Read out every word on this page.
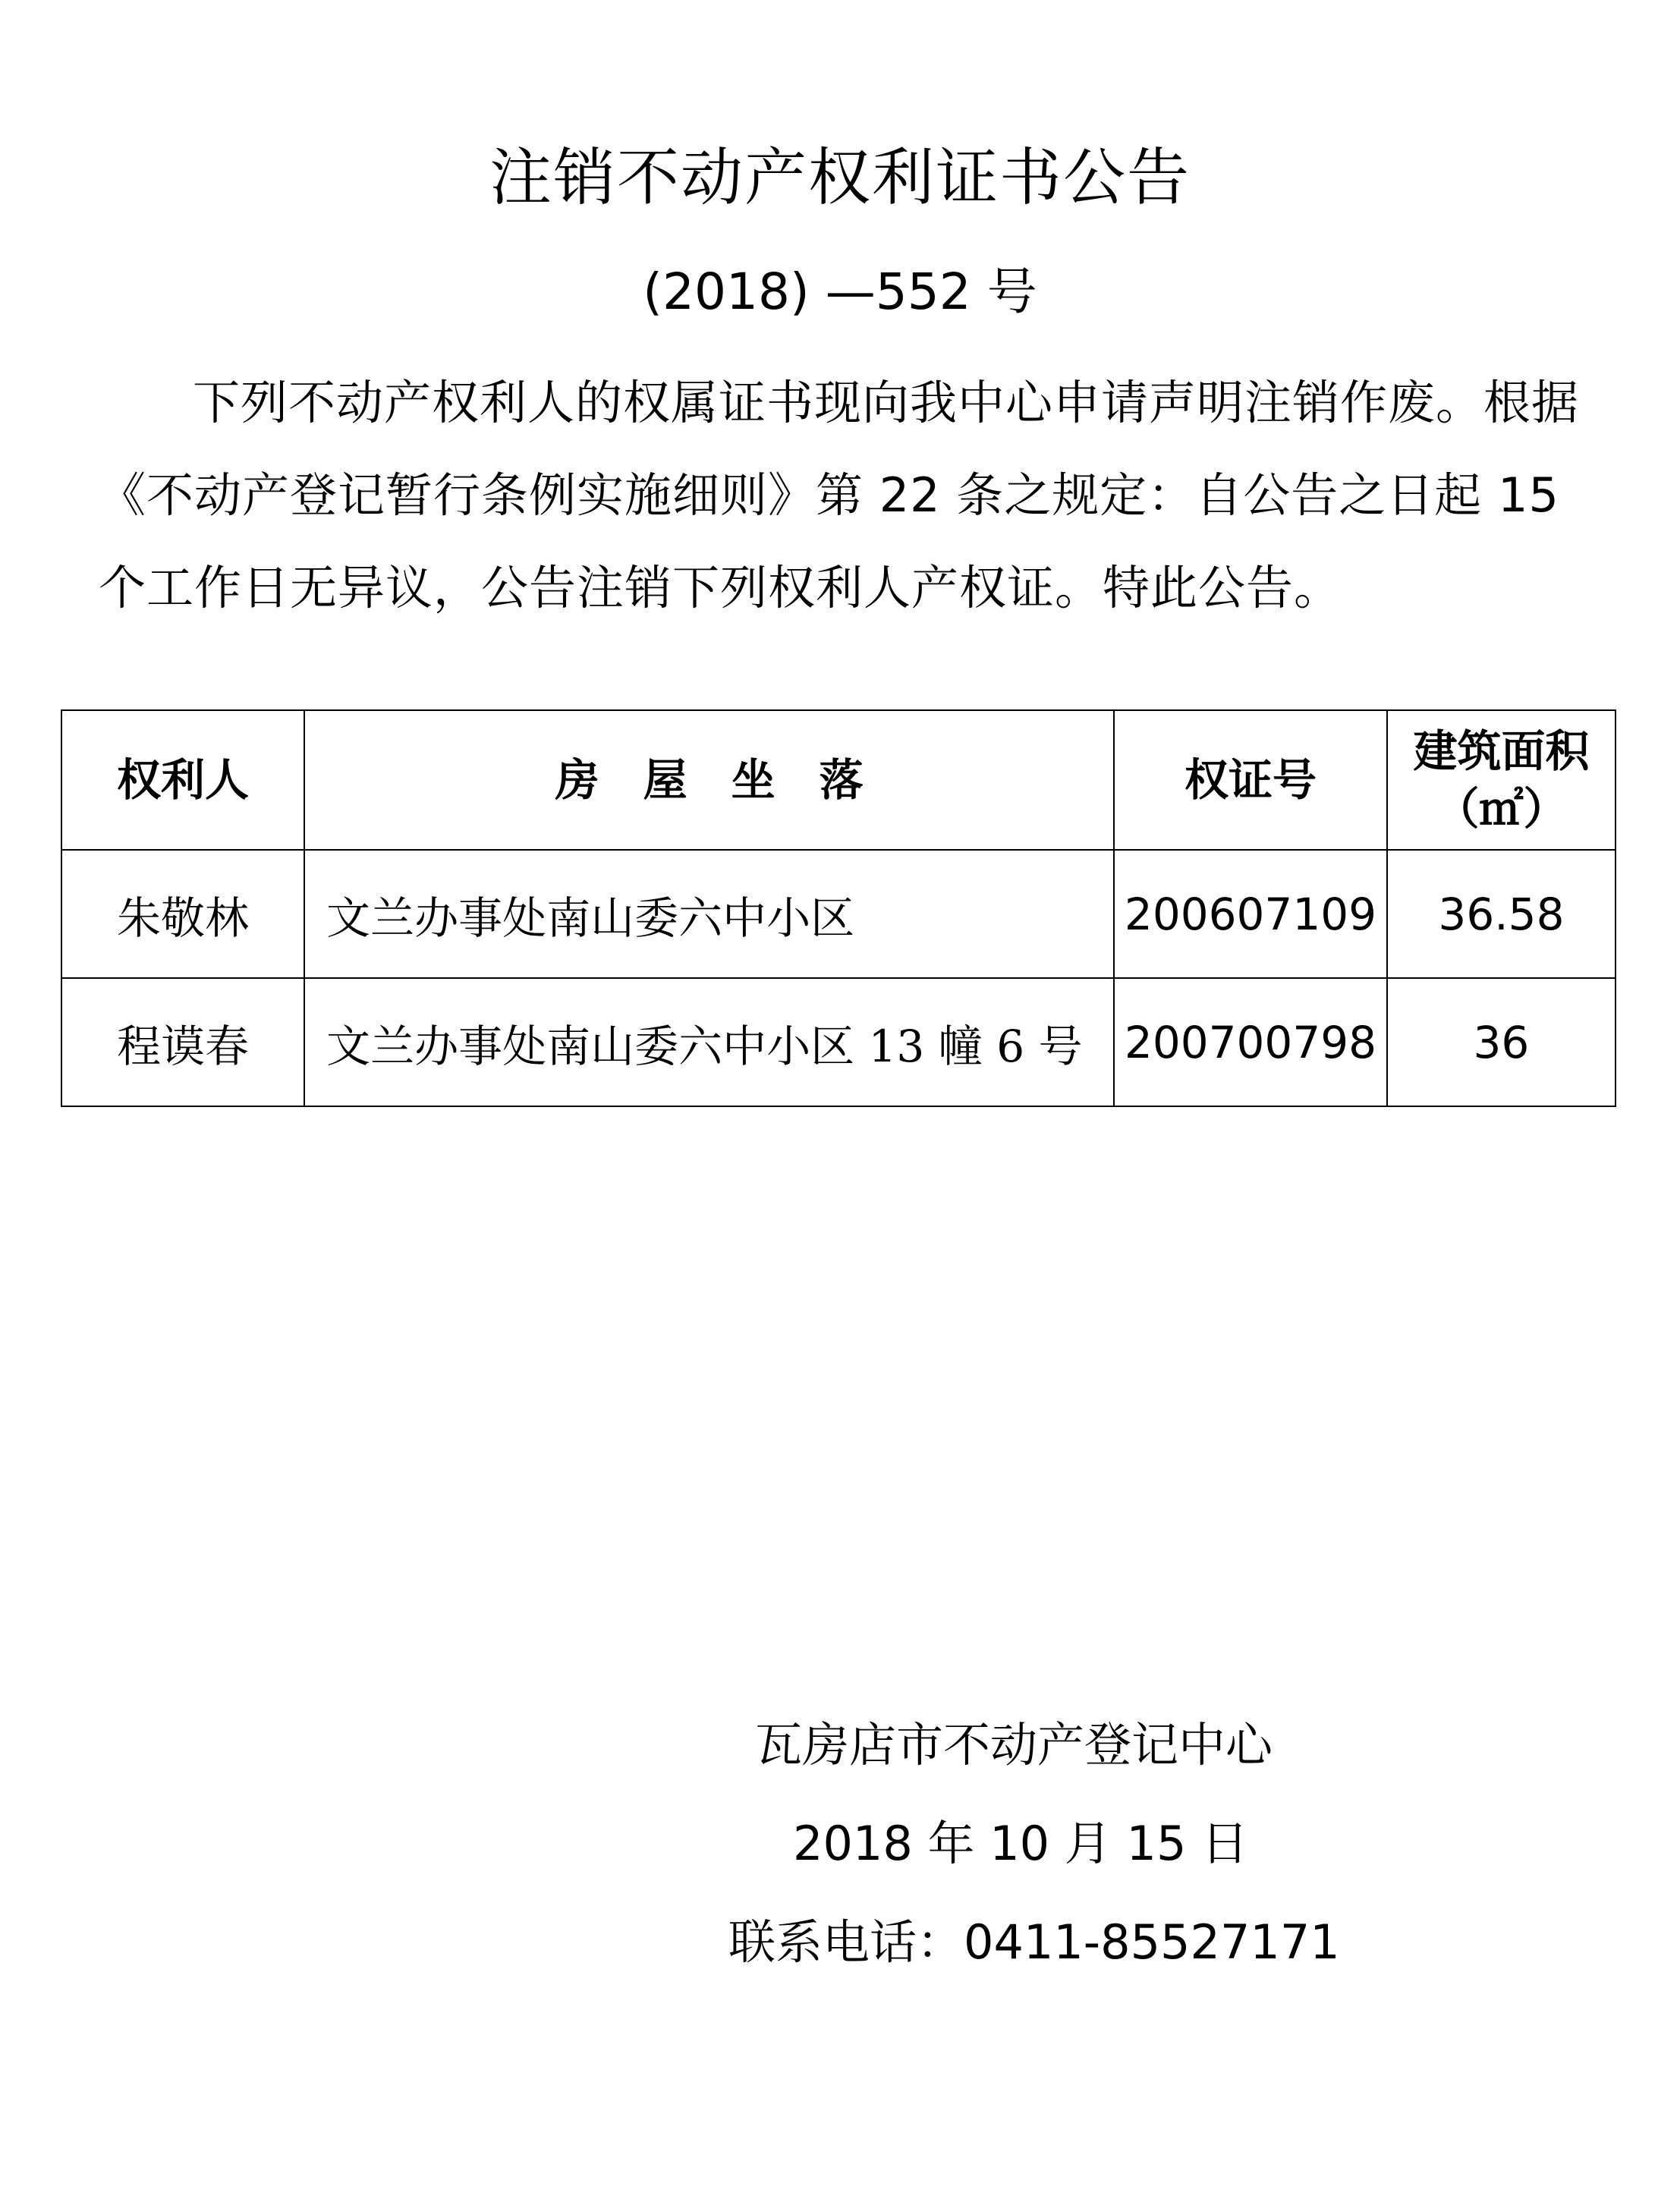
注销不动产权利证书公告
(2018) —552 号
下列不动产权利人的权属证书现向我中心申请声明注销作废。根据《不动产登记暂行条例实施细则》第 22 条之规定：自公告之日起 15 个工作日无异议，公告注销下列权利人产权证。特此公告。
权利人	房　屋　坐　落	权证号	建筑面积（㎡）
朱敬林	文兰办事处南山委六中小区	200607109	36.58
程谟春	文兰办事处南山委六中小区 13 幢 6 号	200700798	36
瓦房店市不动产登记中心
2018 年 10 月 15 日
联系电话：0411-85527171
